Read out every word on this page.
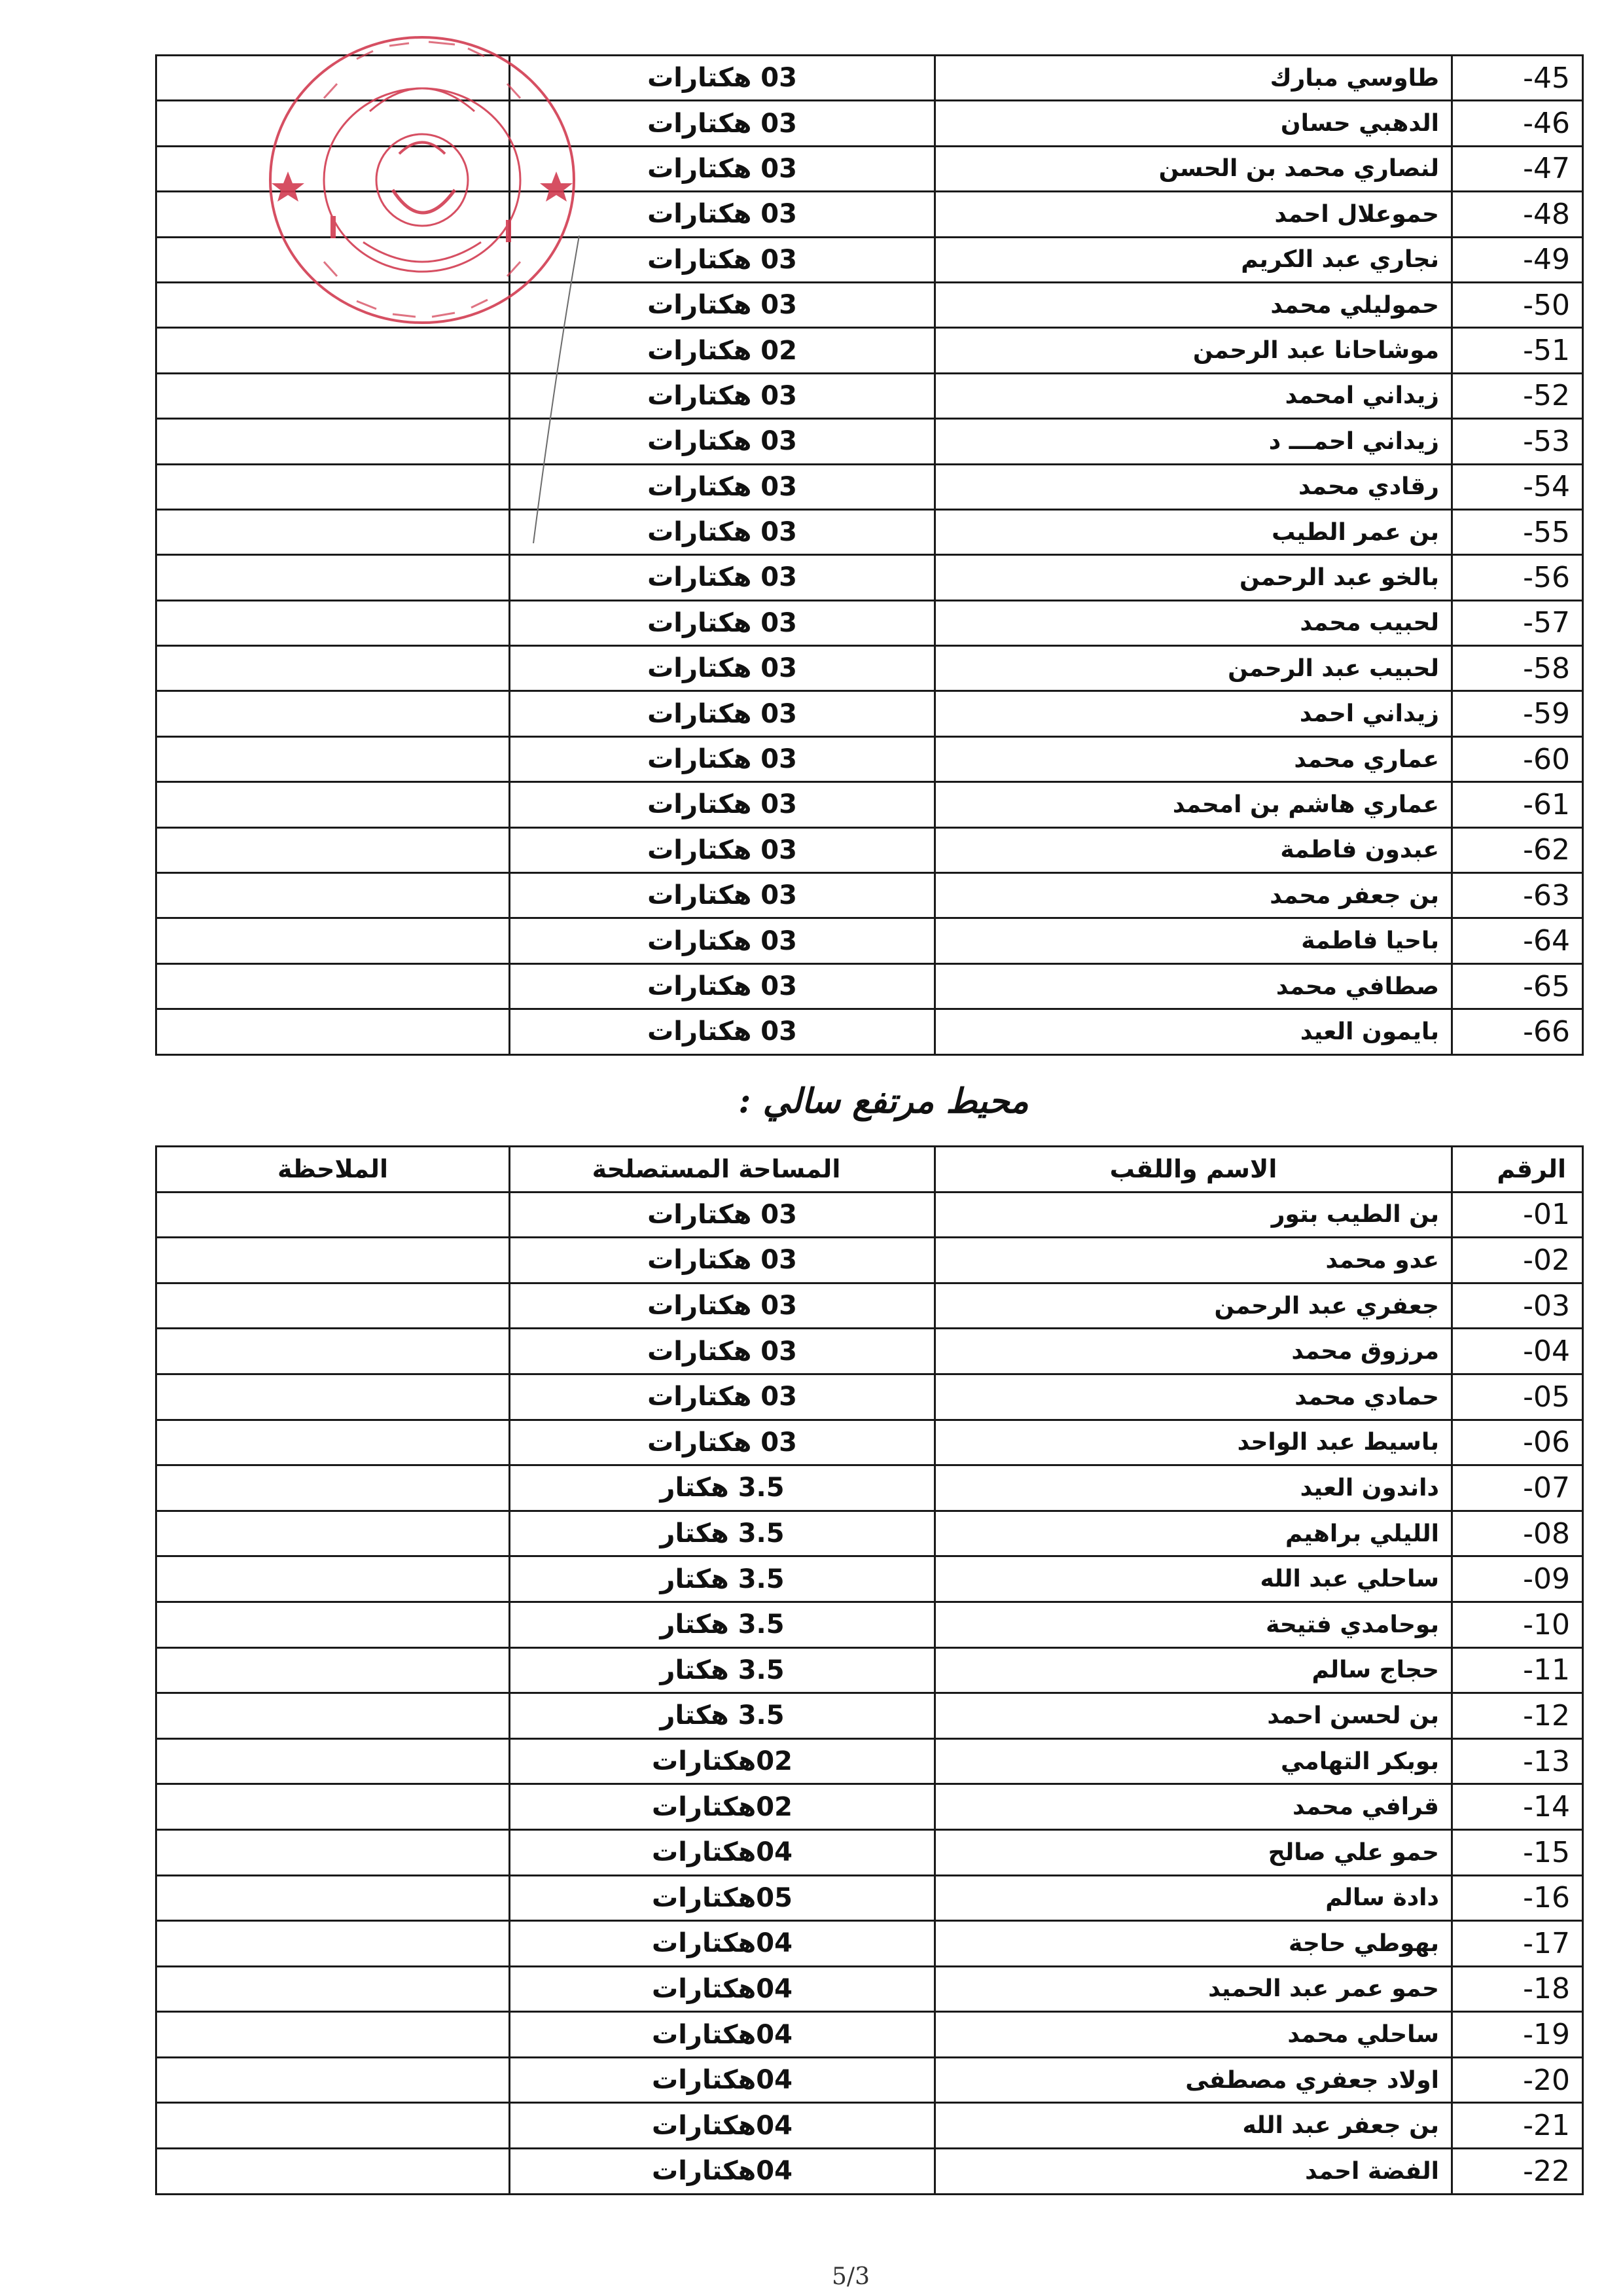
-45	طاوسي مبارك	03 هكتارات	
-46	الدهبي حسان	03 هكتارات	
-47	لنصاري محمد بن الحسن	03 هكتارات	
-48	حموعلال احمد	03 هكتارات	
-49	نجاري عبد الكريم	03 هكتارات	
-50	حموليلي محمد	03 هكتارات	
-51	موشاحانا عبد الرحمن	02 هكتارات	
-52	زيداني امحمد	03 هكتارات	
-53	زيداني احمـــ د	03 هكتارات	
-54	رقادي محمد	03 هكتارات	
-55	بن عمر الطيب	03 هكتارات	
-56	بالخو عبد الرحمن	03 هكتارات	
-57	لحبيب محمد	03 هكتارات	
-58	لحبيب عبد الرحمن	03 هكتارات	
-59	زيداني احمد	03 هكتارات	
-60	عماري محمد	03 هكتارات	
-61	عماري هاشم بن امحمد	03 هكتارات	
-62	عبدون فاطمة	03 هكتارات	
-63	بن جعفر محمد	03 هكتارات	
-64	باحيا فاطمة	03 هكتارات	
-65	صطافي محمد	03 هكتارات	
-66	بايمون العيد	03 هكتارات	
محيط مرتفع سالي :
الرقم	الاسم واللقب	المساحة المستصلحة	الملاحظة
-01	بن الطيب بتور	03 هكتارات	
-02	عدو محمد	03 هكتارات	
-03	جعفري عبد الرحمن	03 هكتارات	
-04	مرزوق محمد	03 هكتارات	
-05	حمادي محمد	03 هكتارات	
-06	باسيط عبد الواحد	03 هكتارات	
-07	داندون العيد	3.5 هكتار	
-08	الليلي براهيم	3.5 هكتار	
-09	ساحلي عبد الله	3.5 هكتار	
-10	بوحامدي فتيحة	3.5 هكتار	
-11	حجاج سالم	3.5 هكتار	
-12	بن لحسن احمد	3.5 هكتار	
-13	بوبكر التهامي	02هكتارات	
-14	قرافي محمد	02هكتارات	
-15	حمو علي صالح	04هكتارات	
-16	دادة سالم	05هكتارات	
-17	بهوطي حاجة	04هكتارات	
-18	حمو عمر عبد الحميد	04هكتارات	
-19	ساحلي محمد	04هكتارات	
-20	اولاد جعفري مصطفى	04هكتارات	
-21	بن جعفر عبد الله	04هكتارات	
-22	الفضة احمد	04هكتارات	
5/3
